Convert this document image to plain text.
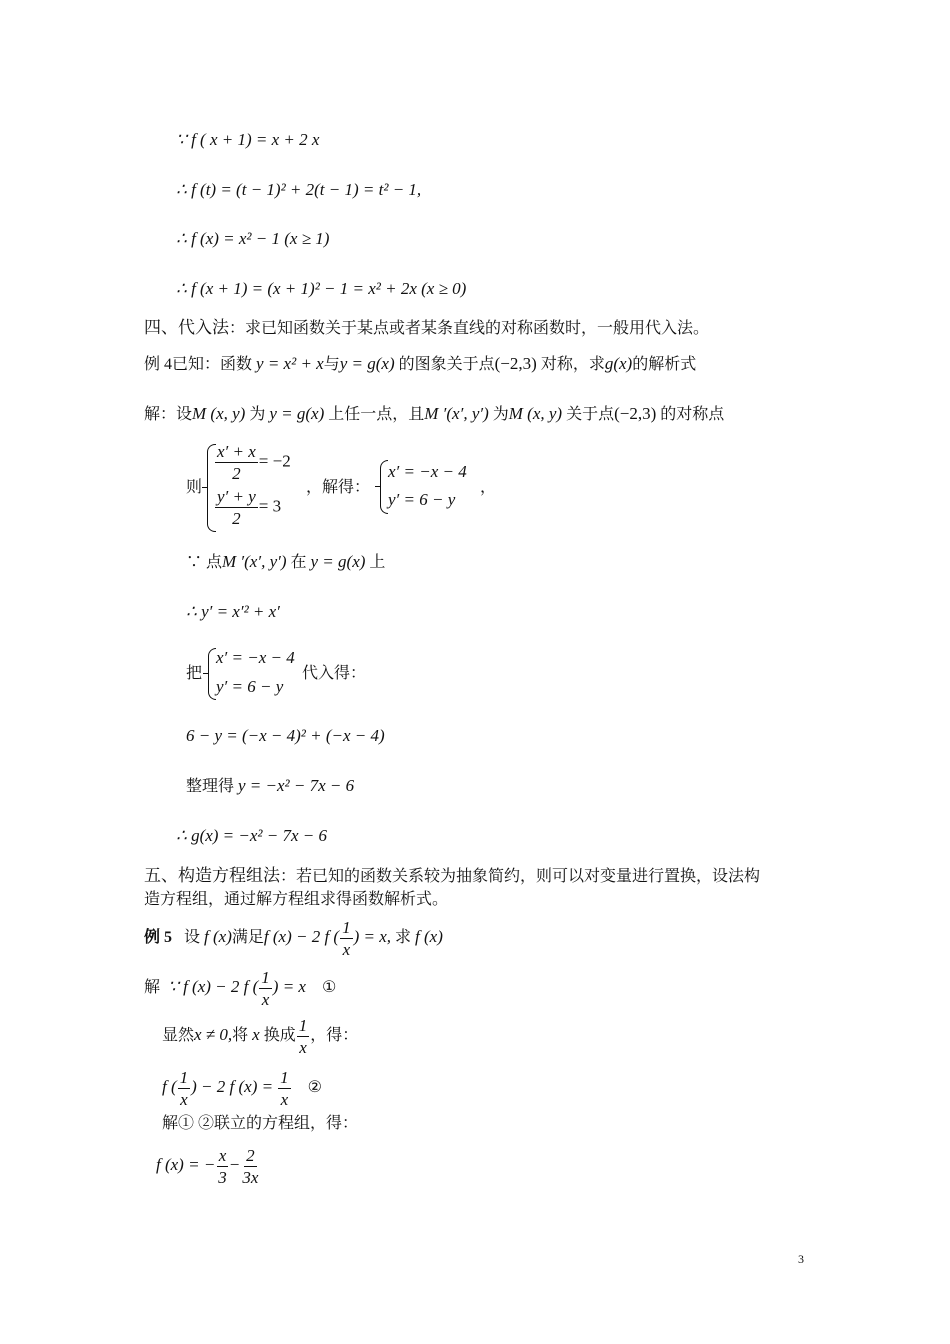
∵ f ( x + 1) = x + 2 x
∴ f (t) = (t − 1)² + 2(t − 1) = t² − 1,
∴ f (x) = x² − 1 (x ≥ 1)
∴ f (x + 1) = (x + 1)² − 1 = x² + 2x (x ≥ 0)
四、代入法：求已知函数关于某点或者某条直线的对称函数时，一般用代入法。
例 4已知：函数 y = x² + x与y = g(x) 的图象关于点(−2,3) 对称，求g(x)的解析式
解：设M (x, y) 为 y = g(x) 上任一点，且M ′(x′, y′) 为M (x, y) 关于点(−2,3) 的对称点
则
$\frac{x' + x}{2} = -2$
$\frac{y' + y}{2} = 3$
，解得：
x′ = −x − 4
y′ = 6 − y
，
∵ 点M ′(x′, y′) 在 y = g(x) 上
∴ y′ = x′² + x′
把
x′ = −x − 4
y′ = 6 − y
代入得：
6 − y = (−x − 4)² + (−x − 4)
整理得 y = −x² − 7x − 6
∴ g(x) = −x² − 7x − 6
五、构造方程组法：若已知的函数关系较为抽象简约，则可以对变量进行置换，设法构
造方程组，通过解方程组求得函数解析式。
例 5 设 f (x)满足f (x) − 2 f ( $\frac{1}{x}$ ) = x, 求 f (x)
解 ∵ f (x) − 2 f ( $\frac{1}{x}$ ) = x ①
显然x ≠ 0,将 x 换成 $\frac{1}{x}$ ，得：
f ( $\frac{1}{x}$ ) − 2 f $(x) = \frac{1}{x}$ ②
解① ②联立的方程组，得：
f (x) = − $\frac{x}{3} - \frac{2}{3x}$
3
